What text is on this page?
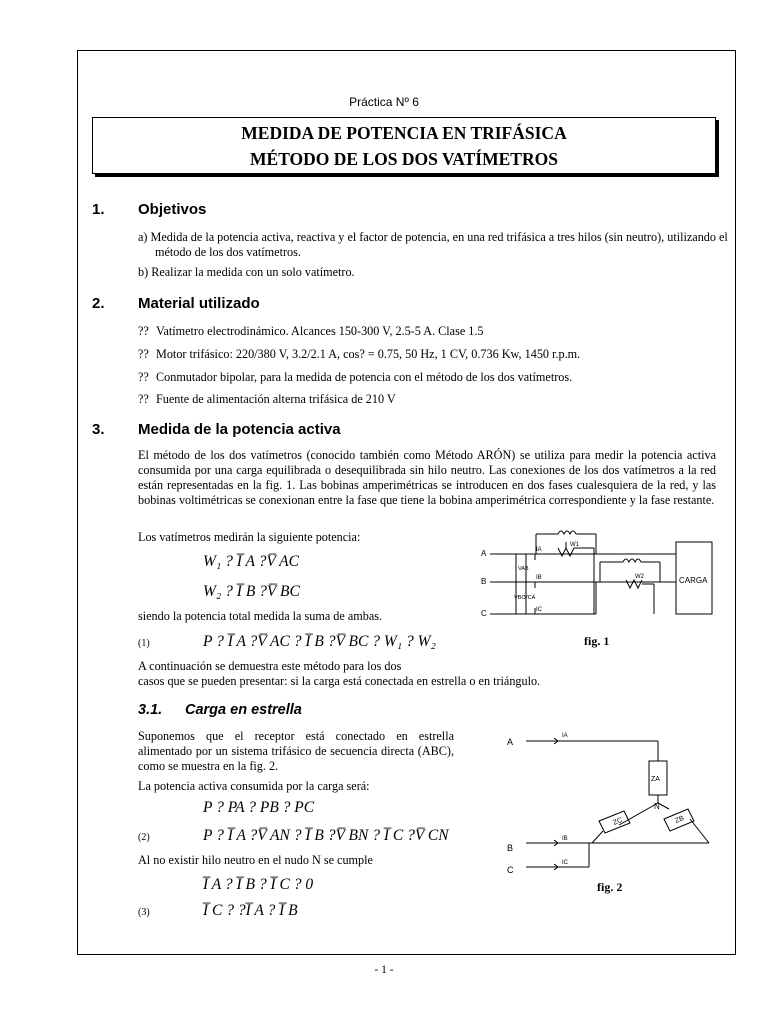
Práctica Nº 6
MEDIDA DE POTENCIA EN TRIFÁSICA
MÉTODO DE LOS DOS VATÍMETROS
1. Objetivos
a) Medida de la potencia activa, reactiva y el factor de potencia, en una red trifásica a tres hilos (sin neutro), utilizando el método de los dos vatímetros.
b) Realizar la medida con un solo vatímetro.
2. Material utilizado
?? Vatímetro electrodinámico. Alcances 150-300 V, 2.5-5 A. Clase 1.5
?? Motor trifásico: 220/380 V, 3.2/2.1 A, cos? = 0.75, 50 Hz, 1 CV, 0.736 Kw, 1450 r.p.m.
?? Conmutador bipolar, para la medida de potencia con el método de los dos vatímetros.
?? Fuente de alimentación alterna trifásica de 210 V
3. Medida de la potencia activa
El método de los dos vatímetros (conocido también como Método ARÓN) se utiliza para medir la potencia activa consumida por una carga equilibrada o desequilibrada sin hilo neutro. Las conexiones de los dos vatímetros a la red están representadas en la fig. 1. Las bobinas amperimétricas se introducen en dos fases cualesquiera de la red, y las bobinas voltimétricas se conexionan entre la fase que tiene la bobina amperimétrica correspondiente y la fase restante.
Los vatímetros medirán la siguiente potencia:
W₁ ? I̅ A ?V̅ AC
W₂ ? I̅ B ?V̅ BC
siendo la potencia total medida la suma de ambas.
(1)	P ? I̅ A ?V̅ AC ? I̅ B ?V̅ BC ? W₁ ? W₂
A continuación se demuestra este método para los dos
casos que se pueden presentar: si la carga está conectada en estrella o en triángulo.
fig. 1
A
B
C
IA
IB
IC
VAB
VBC
VCA
W1
W2	CARGA
3.1. Carga en estrella
Suponemos que el receptor está conectado en estrella alimentado por un sistema trifásico de secuencia directa (ABC), como se muestra en la fig. 2.
La potencia activa consumida por la carga será:
P ? PA ? PB ? PC
(2)	P ? I̅ A ?V̅ AN ? I̅ B ?V̅ BN ? I̅ C ?V̅ CN
Al no existir hilo neutro en el nudo N se cumple
I̅ A ? I̅ B ? I̅ C ? 0
(3)	I̅ C ? ?I̅ A ? I̅ B
fig. 2
A
B
C
IA
IB
IC
N
ZA
ZC	ZB
- 1 -
